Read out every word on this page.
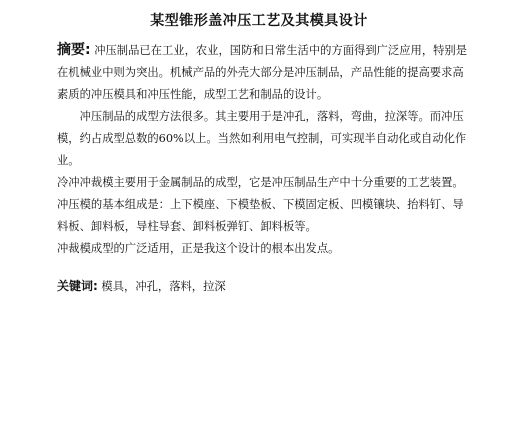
某型锥形盖冲压工艺及其模具设计

摘要: 冲压制品已在工业，农业，国防和日常生活中的方面得到广泛应用，特别是在机械业中则为突出。机械产品的外壳大部分是冲压制品，产品性能的提高要求高素质的冲压模具和冲压性能，成型工艺和制品的设计。

冲压制品的成型方法很多。其主要用于是冲孔，落料，弯曲，拉深等。而冲压模，约占成型总数的60%以上。当然如利用电气控制，可实现半自动化或自动化作业。

冷冲冲裁模主要用于金属制品的成型，它是冲压制品生产中十分重要的工艺装置。冲压模的基本组成是：上下模座、下模垫板、下模固定板、凹模镶块、抬料钉、导料板、卸料板，导柱导套、卸料板弹钉、卸料板等。

冲裁模成型的广泛适用，正是我这个设计的根本出发点。

关键词: 模具，冲孔，落料，拉深
